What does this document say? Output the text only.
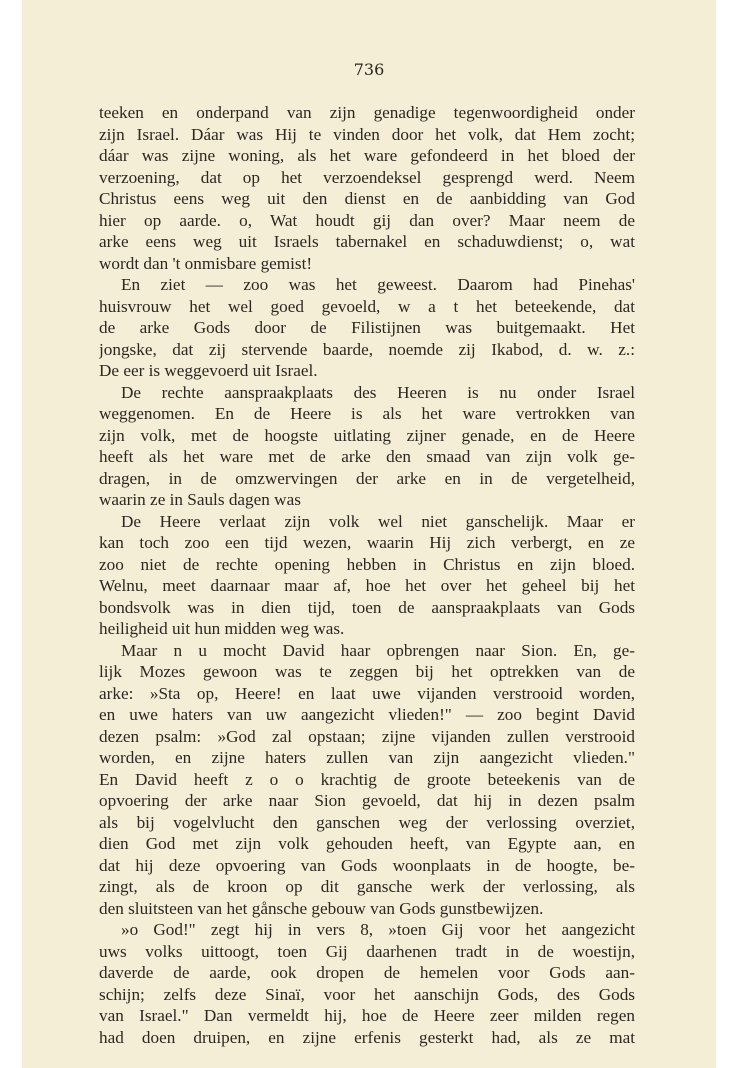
736
teeken en onderpand van zijn genadige tegenwoordigheid onder
zijn Israel. Dáar was Hij te vinden door het volk, dat Hem zocht;
dáar was zijne woning, als het ware gefondeerd in het bloed der
verzoening, dat op het verzoendeksel gesprengd werd. Neem
Christus eens weg uit den dienst en de aanbidding van God
hier op aarde. o, Wat houdt gij dan over? Maar neem de
arke eens weg uit Israels tabernakel en schaduwdienst; o, wat
wordt dan 't onmisbare gemist!
En ziet — zoo was het geweest. Daarom had Pinehas'
huisvrouw het wel goed gevoeld, w a t het beteekende, dat
de arke Gods door de Filistijnen was buitgemaakt. Het
jongske, dat zij stervende baarde, noemde zij Ikabod, d. w. z.:
De eer is weggevoerd uit Israel.
De rechte aanspraakplaats des Heeren is nu onder Israel
weggenomen. En de Heere is als het ware vertrokken van
zijn volk, met de hoogste uitlating zijner genade, en de Heere
heeft als het ware met de arke den smaad van zijn volk ge-
dragen, in de omzwervingen der arke en in de vergetelheid,
waarin ze in Sauls dagen was
De Heere verlaat zijn volk wel niet ganschelijk. Maar er
kan toch zoo een tijd wezen, waarin Hij zich verbergt, en ze
zoo niet de rechte opening hebben in Christus en zijn bloed.
Welnu, meet daarnaar maar af, hoe het over het geheel bij het
bondsvolk was in dien tijd, toen de aanspraakplaats van Gods
heiligheid uit hun midden weg was.
Maar n u mocht David haar opbrengen naar Sion. En, ge-
lijk Mozes gewoon was te zeggen bij het optrekken van de
arke: »Sta op, Heere! en laat uwe vijanden verstrooid worden,
en uwe haters van uw aangezicht vlieden!" — zoo begint David
dezen psalm: »God zal opstaan; zijne vijanden zullen verstrooid
worden, en zijne haters zullen van zijn aangezicht vlieden."
En David heeft z o o krachtig de groote beteekenis van de
opvoering der arke naar Sion gevoeld, dat hij in dezen psalm
als bij vogelvlucht den ganschen weg der verlossing overziet,
dien God met zijn volk gehouden heeft, van Egypte aan, en
dat hij deze opvoering van Gods woonplaats in de hoogte, be-
zingt, als de kroon op dit gansche werk der verlossing, als
den sluitsteen van het gånsche gebouw van Gods gunstbewijzen.
»o God!" zegt hij in vers 8, »toen Gij voor het aangezicht
uws volks uittoogt, toen Gij daarhenen tradt in de woestijn,
daverde de aarde, ook dropen de hemelen voor Gods aan-
schijn; zelfs deze Sinaï, voor het aanschijn Gods, des Gods
van Israel." Dan vermeldt hij, hoe de Heere zeer milden regen
had doen druipen, en zijne erfenis gesterkt had, als ze mat
